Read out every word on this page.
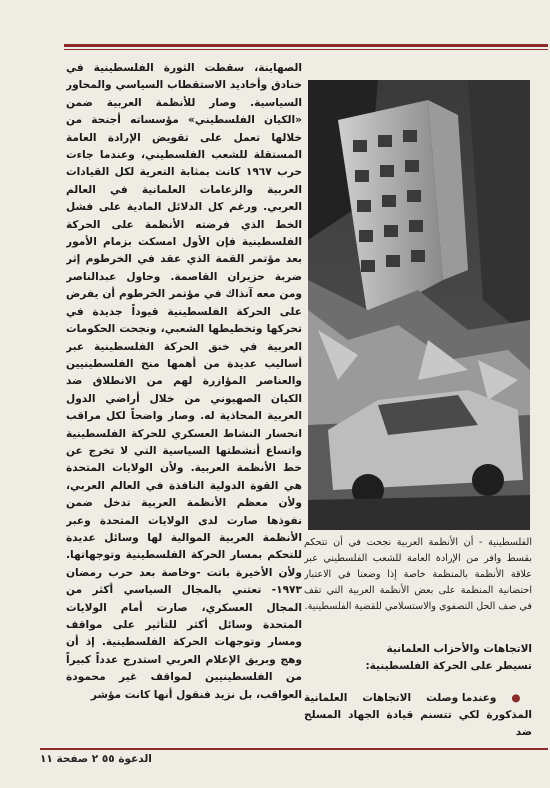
الصهاينة، سقطت الثورة الفلسطينية في خنادق وأخاديد الاستقطاب السياسي والمحاور السياسية. وصار للأنظمة العربية ضمن «الكيان الفلسطيني» مؤسساته أجنحة من خلالها تعمل على تقويض الإرادة العامة المستقلة للشعب الفلسطيني، وعندما جاءت حرب ١٩٦٧ كانت بمثابة التعرية لكل القيادات العربية والزعامات العلمانية في العالم العربي. ورغم كل الدلائل المادية على فشل الخط الذي فرضته الأنظمة على الحركة الفلسطينية فإن الأول امسكت بزمام الأمور بعد مؤتمر القمة الذي عقد في الخرطوم إثر ضربة حزيران القاصمة. وحاول عبدالناصر ومن معه آنذاك في مؤتمر الخرطوم أن يفرض على الحركة الفلسطينية قيوداً جديدة في تحركها وتخطيطها الشعبي، ونجحت الحكومات العربية في خنق الحركة الفلسطينية عبر أساليب عديدة من أهمها منح الفلسطينيين والعناصر المؤازرة لهم من الانطلاق ضد الكيان الصهيوني من خلال أراضي الدول العربية المحاذية له. وصار واضحاً لكل مراقب انحسار النشاط العسكري للحركة الفلسطينية واتساع أنشطتها السياسية التي لا تخرج عن خط الأنظمة العربية. ولأن الولايات المتحدة هي القوة الدولية النافذة في العالم العربي، ولأن معظم الأنظمة العربية تدخل ضمن نفوذها صارت لدى الولايات المتحدة وعبر الأنظمة العربية الموالية لها وسائل عديدة للتحكم بمسار الحركة الفلسطينية وتوجهاتها. ولأن الأخيرة باتت -وخاصة بعد حرب رمضان ١٩٧٣- تعتني بالمجال السياسي أكثر من المجال العسكري، صارت أمام الولايات المتحدة وسائل أكثر للتأثير على مواقف ومسار وتوجهات الحركة الفلسطينية. إذ أن وهج وبريق الإعلام العربي استدرج عدداً كبيراً من الفلسطينيين لمواقف غير محمودة العواقب، بل نزيد فنقول أنها كانت مؤشر

الفلسطينية - أن الأنظمة العربية نجحت في أن تتحكم بقسط وافر من الإرادة العامة للشعب الفلسطيني عبر علاقة الأنظمة بالمنظمة خاصة إذا وضعنا في الاعتبار احتضانية المنظمة على بعض الأنظمة العربية التي تقف في صف الحل التصفوي والاستسلامي للقضية الفلسطينية.

الاتجاهات والأحزاب العلمانية

تسيطر على الحركة الفلسطينية:

● وعندما وصلت الاتجاهات العلمانية المذكورة لكي تتسنم قيادة الجهاد المسلح ضد

الدعوة ٥٥ ٢ صفحة ١١
